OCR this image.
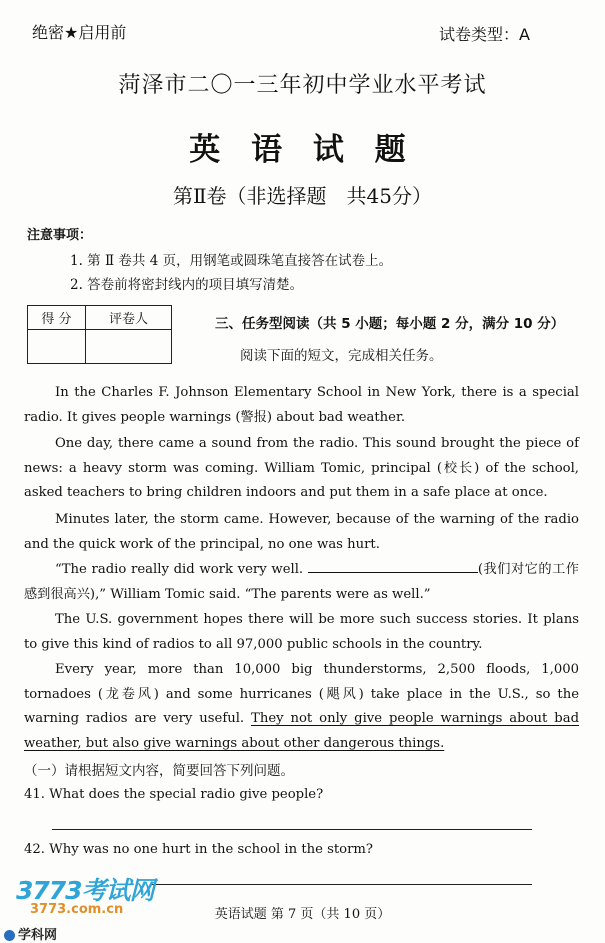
绝密★启用前	试卷类型：A
菏泽市二〇一三年初中学业水平考试
英 语 试 题
第Ⅱ卷（非选择题　共45分）
注意事项：
1. 第 Ⅱ 卷共 4 页，用钢笔或圆珠笔直接答在试卷上。
2. 答卷前将密封线内的项目填写清楚。
得 分	评卷人
		三、任务型阅读（共 5 小题；每小题 2 分，满分 10 分）
阅读下面的短文，完成相关任务。
In the Charles F. Johnson Elementary School in New York, there is a special radio. It gives people warnings (警报) about bad weather.
One day, there came a sound from the radio. This sound brought the piece of news: a heavy storm was coming. William Tomic, principal (校长) of the school, asked teachers to bring children indoors and put them in a safe place at once.
Minutes later, the storm came. However, because of the warning of the radio and the quick work of the principal, no one was hurt.
“The radio really did work very well.	(我们对它的工作感到很高兴),” William Tomic said. “The parents were as well.”
The U.S. government hopes there will be more such success stories. It plans to give this kind of radios to all 97,000 public schools in the country.
Every year, more than 10,000 big thunderstorms, 2,500 floods, 1,000 tornadoes (龙卷风) and some hurricanes (飓风) take place in the U.S., so the warning radios are very useful. They not only give people warnings about bad weather, but also give warnings about other dangerous things.
（一）请根据短文内容，简要回答下列问题。
41. What does the special radio give people?
42. Why was no one hurt in the school in the storm?
3773考试网
3773.com.cn
学科网
英语试题 第 7 页（共 10 页）
